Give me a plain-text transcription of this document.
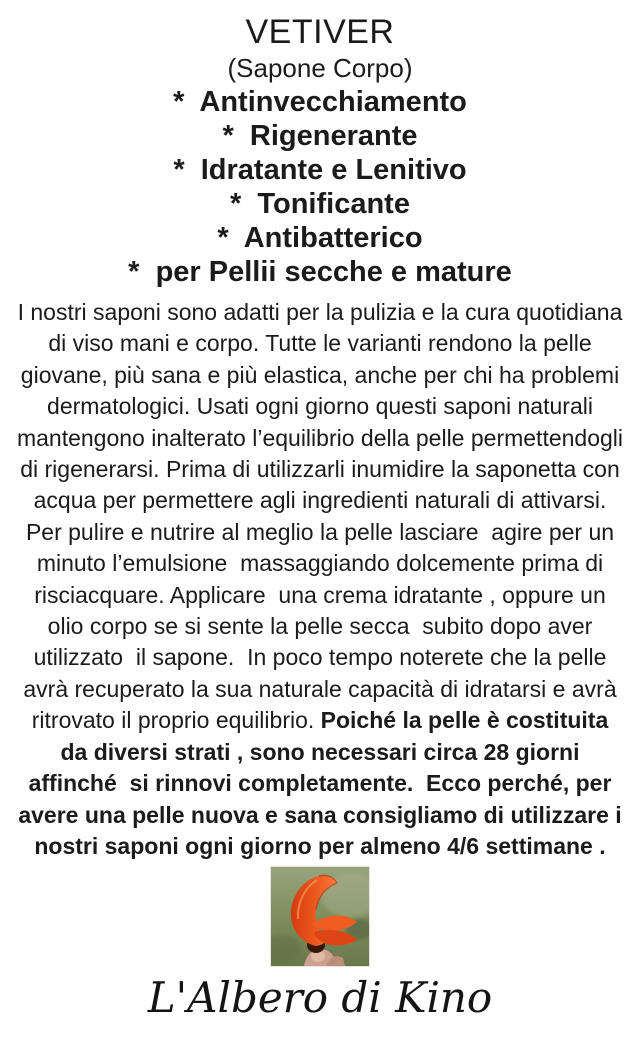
VETIVER
(Sapone Corpo)
*  Antinvecchiamento
*  Rigenerante
*  Idratante e Lenitivo
*  Tonificante
*  Antibatterico
*  per Pellii secche e mature
I nostri saponi sono adatti per la pulizia e la cura quotidiana
di viso mani e corpo. Tutte le varianti rendono la pelle
giovane, più sana e più elastica, anche per chi ha problemi
dermatologici. Usati ogni giorno questi saponi naturali
mantengono inalterato l’equilibrio della pelle permettendogli
di rigenerarsi. Prima di utilizzarli inumidire la saponetta con
acqua per permettere agli ingredienti naturali di attivarsi.
Per pulire e nutrire al meglio la pelle lasciare  agire per un
minuto l’emulsione  massaggiando dolcemente prima di
risciacquare. Applicare  una crema idratante , oppure un
olio corpo se si sente la pelle secca  subito dopo aver
utilizzato  il sapone.  In poco tempo noterete che la pelle
avrà recuperato la sua naturale capacità di idratarsi e avrà
ritrovato il proprio equilibrio. Poiché la pelle è costituita
da diversi strati , sono necessari circa 28 giorni
affinché  si rinnovi completamente.  Ecco perché, per
avere una pelle nuova e sana consigliamo di utilizzare i
nostri saponi ogni giorno per almeno 4/6 settimane .
L'Albero di Kino
